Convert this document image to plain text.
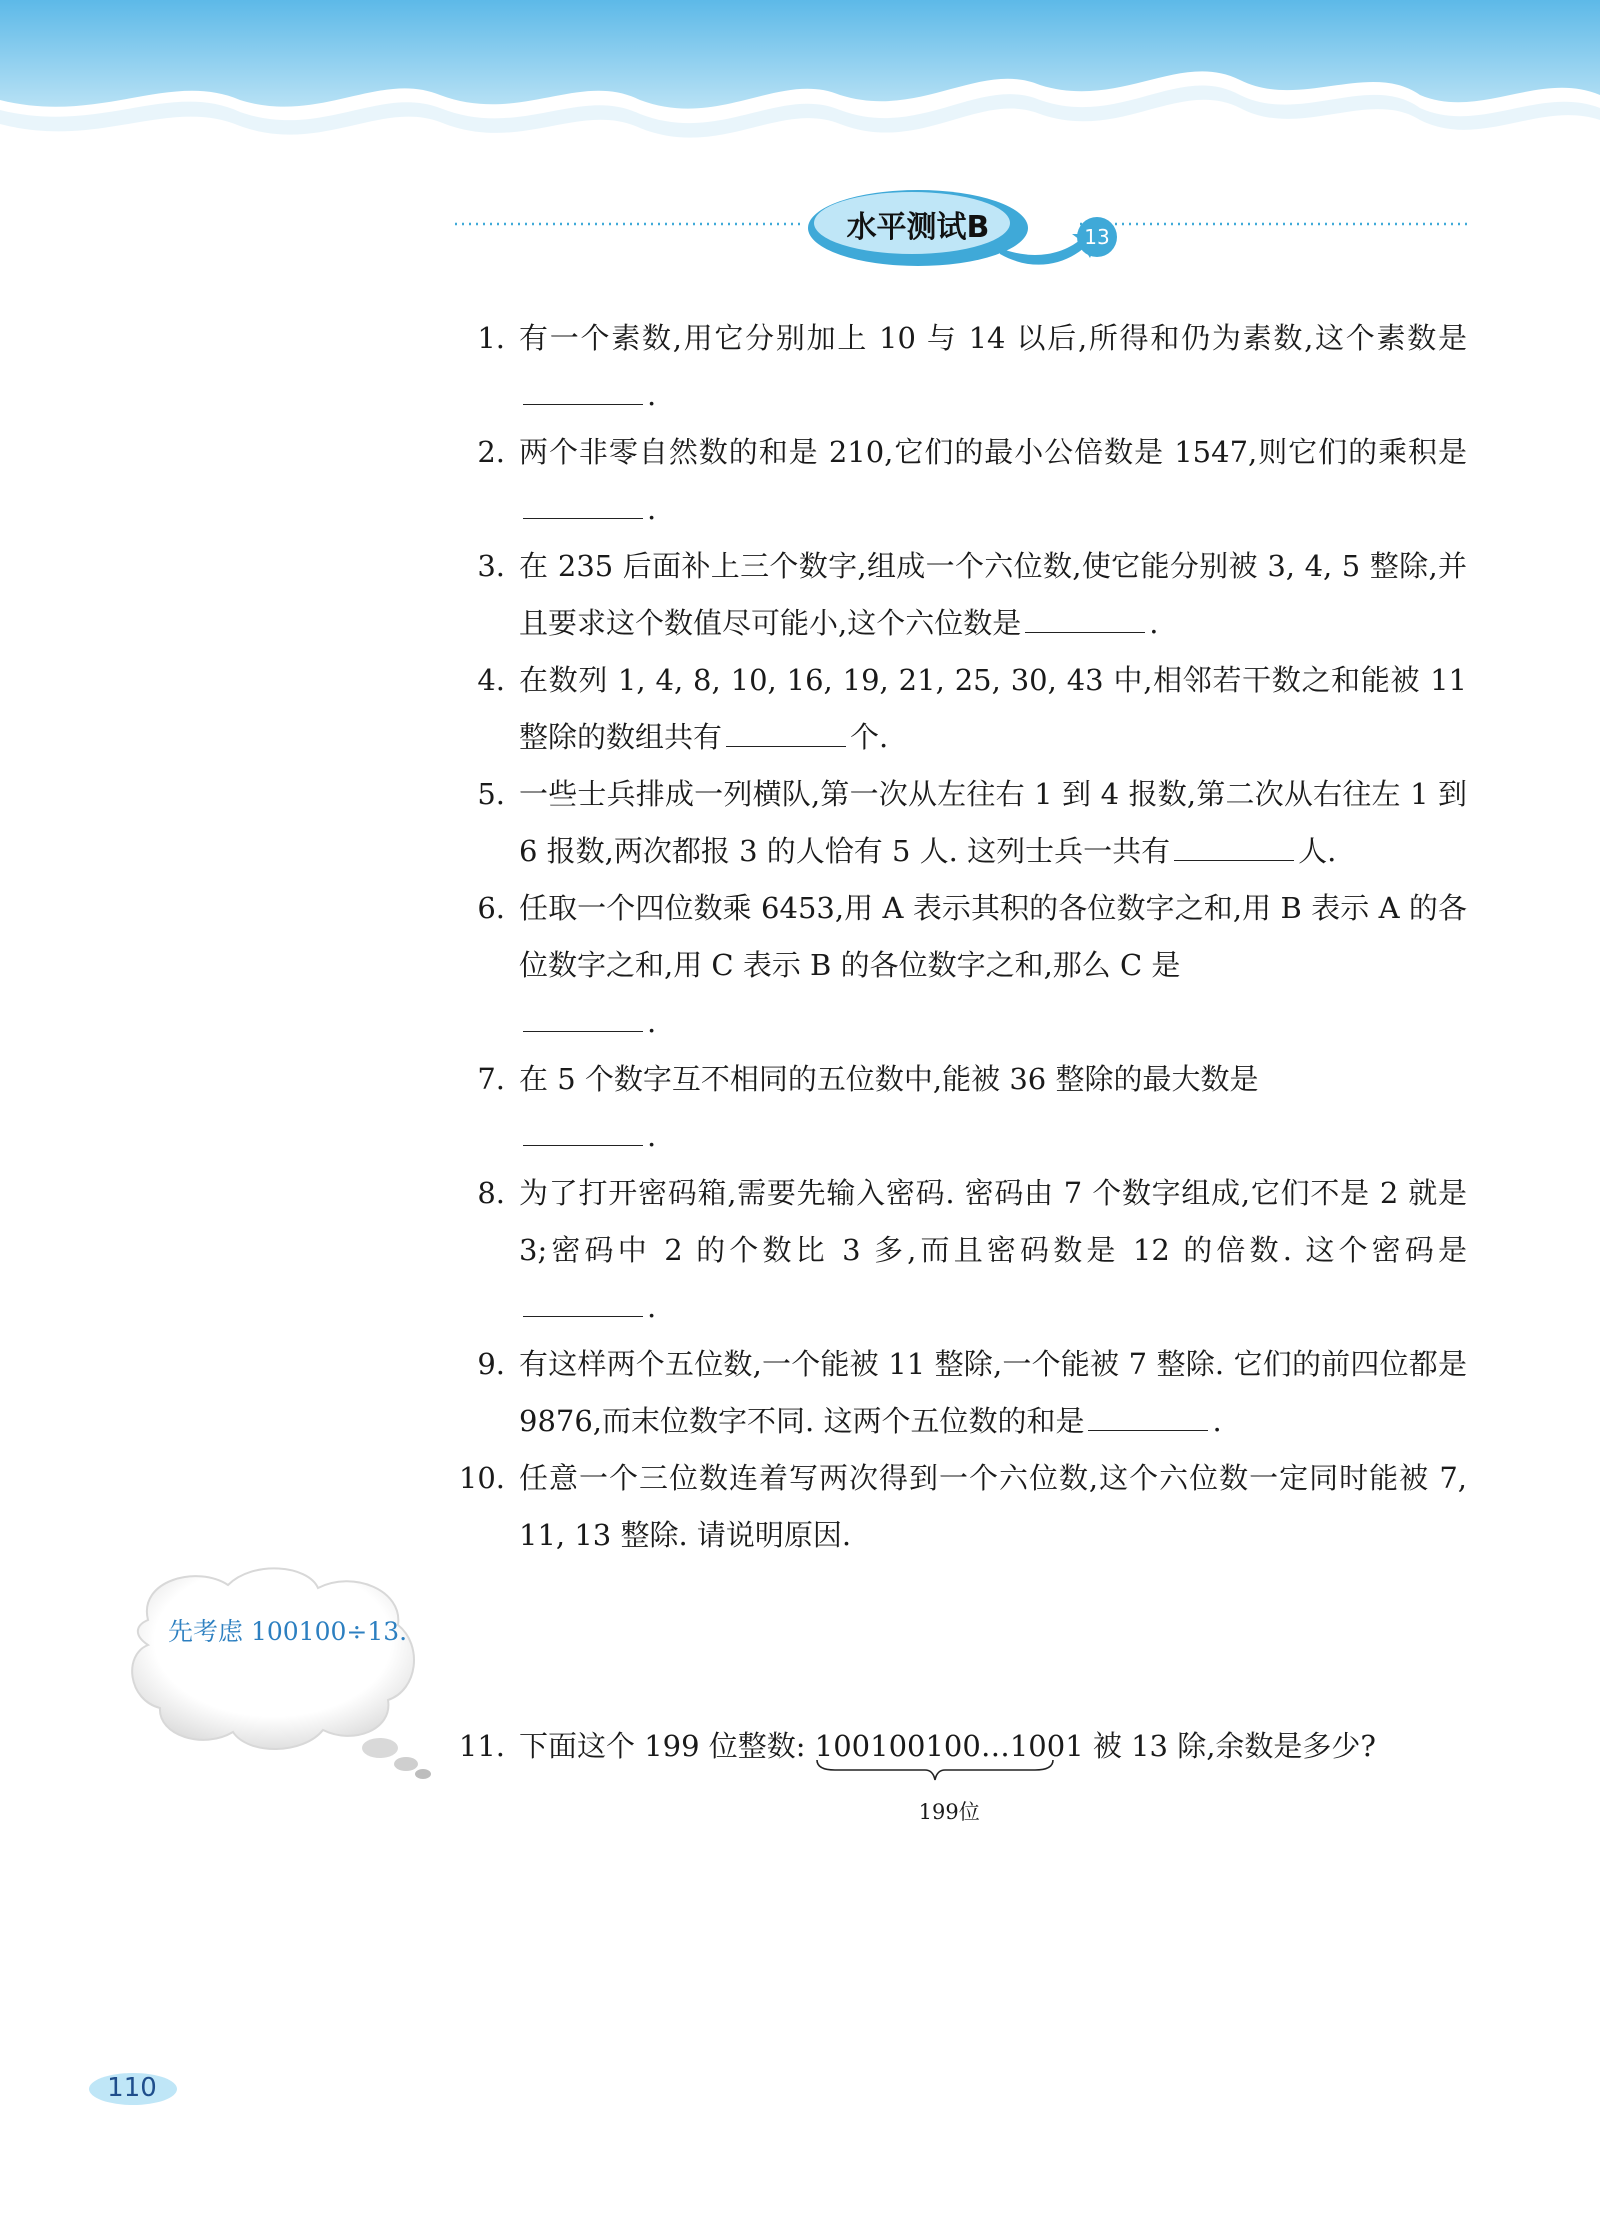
水平测试B	13
1. 有一个素数,用它分别加上 10 与 14 以后,所得和仍为素数,这个素数是.
2. 两个非零自然数的和是 210,它们的最小公倍数是 1547,则它们的乘积是.
3. 在 235 后面补上三个数字,组成一个六位数,使它能分别被 3, 4, 5 整除,并且要求这个数值尽可能小,这个六位数是	.
4. 在数列 1, 4, 8, 10, 16, 19, 21, 25, 30, 43 中,相邻若干数之和能被 11 整除的数组共有	个.
5. 一些士兵排成一列横队,第一次从左往右 1 到 4 报数,第二次从右往左 1 到 6 报数,两次都报 3 的人恰有 5 人. 这列士兵一共有	人.
6. 任取一个四位数乘 6453,用 A 表示其积的各位数字之和,用 B 表示 A 的各位数字之和,用 C 表示 B 的各位数字之和,那么 C 是
.
7. 在 5 个数字互不相同的五位数中,能被 36 整除的最大数是
.
8. 为了打开密码箱,需要先输入密码. 密码由 7 个数字组成,它们不是 2 就是 3;密码中 2 的个数比 3 多,而且密码数是 12 的倍数. 这个密码是.
9. 有这样两个五位数,一个能被 11 整除,一个能被 7 整除. 它们的前四位都是 9876,而末位数字不同. 这两个五位数的和是	.
10. 任意一个三位数连着写两次得到一个六位数,这个六位数一定同时能被 7, 11, 13 整除. 请说明原因.
先考虑 100100÷13.
11. 下面这个 199 位整数: 100100100…1001
199位
被 13 除,余数是多少?
110
